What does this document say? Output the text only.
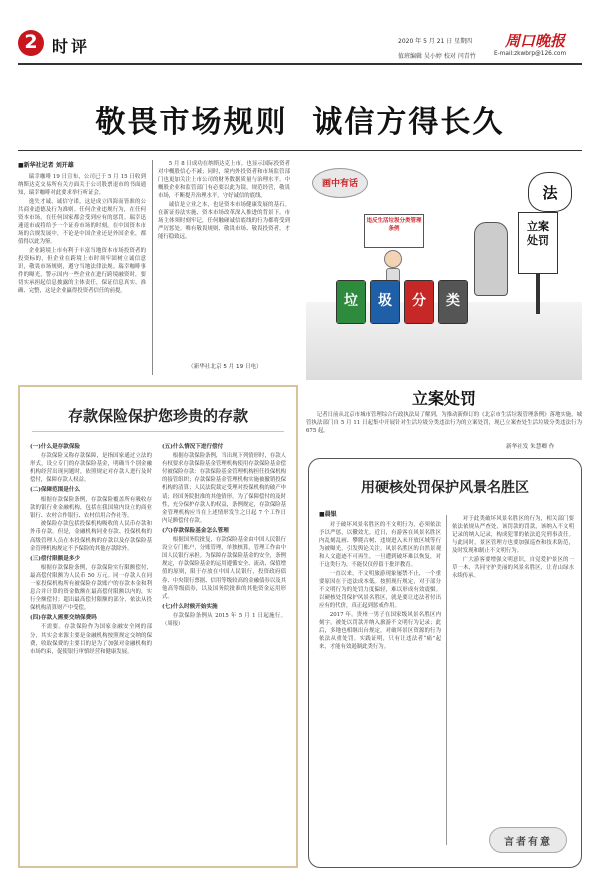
2 时评	2020 年 5 月 21 日 星期四
值班编辑 吴小婷 校对 闫青竹
周口晚报
E-mail:zkwbrp@126.com
敬畏市场规则  诚信方得长久
■新华社记者 刘开雄

瑞幸咖啡 19 日宣布，公司已于 5 月 15 日收到纳斯达克交易所有关方面关于公司股票退市的书面通知，瑞幸咖啡对此要求举行听证会。

逸失才诚、诚信守诺，这是成立四海而皆准的公共商业道德及行为准则。任何企业违规行为，在任何资本市场，在任何国家都会受到应有的惩罚。瑞幸迅速退市或将给予一个证券市场的时刻，在中国资本市场的合规发展中，不论是中国企业还是外国企业，都值得以此为鉴。

企业跨境上市有利于丰富当地资本市场投资者的投资标的，但企业在跨境上市时须牢固树立诚信意识，敬畏市场规则，遵守当地法律法规。瑞幸咖啡事件的曝光，警示国内一些企业在进行跨境融资时，要切实承担起信息披露的主体责任，保证信息真实、准确、完整，这是企业赢得投资者信任的前提。

5 月 8 日成功在纳斯达克上市，也显示国际投资者对中概股信心不减；同时，境内外投资者和市场监管部门也更加关注上市公司的财务数据质量与治理水平。中概股企业和监管部门有必要以此为镜，规范经营，敬畏市场，不断提升治理水平，守好诚信的底线。

诚信是立业之本，也是资本市场健康发展的基石。在新证券法实施、资本市场改革深入推进的背景下，市场主体须时刻牢记，任何触碰诚信底线的行为都将受到严厉惩处。唯有敬畏规则、敬畏市场、敬畏投资者，才能行稳致远。

（新华社北京 5 月 19 日电）
画中有话
违反生活垃圾分类管理条例
垃	圾	分	类
立案处罚
法
立案处罚
记者日前从北京市城市管理综合行政执法局了解到，为推动新修订的《北京市生活垃圾管理条例》落地实施，城管执法部门自 5 月 11 日起集中开展针对生活垃圾分类违法行为的立案处罚，现已立案查处生活垃圾分类违法行为 675 起。
新华社发 朱慧卿 作
存款保险保护您珍贵的存款
(一)什么是存款保险

存款保险又称存款保障，是指国家通过立法的形式，设立专门的存款保险基金，明确当个别金融机构经营出现问题时，依照规定对存款人进行及时偿付，保障存款人权益。

(二)保障范围是什么

根据存款保险条例，存款保险覆盖所有吸收存款的银行业金融机构，包括在我国境内设立的商业银行、农村合作银行、农村信用合作社等。

被保险存款包括投保机构吸收的人民币存款和外币存款。但是，金融机构同业存款、投保机构的高级管理人员在本投保机构的存款以及存款保险基金管理机构规定不予保险的其他存款除外。

(三)偿付限额是多少

根据存款保险条例，存款保险实行限额偿付，最高偿付限额为人民币 50 万元。同一存款人在同一家投保机构所有被保险存款账户的存款本金和利息合并计算的资金数额在最高偿付限额以内的，实行全额偿付；超出最高偿付限额的部分，依法从投保机构清算财产中受偿。

(四)存款人需要交纳保费吗

不需要。存款保险作为国家金融安全网的部分，其实会来源主要是金融机构按照规定交纳的保费，收取保费的主要目的是为了加强对金融机构的市场约束，促使银行审慎经营和健康发展。

(五)什么情况下进行偿付

根据存款保险条例，当出现下列情形时，存款人有权要求存款保险基金管理机构使用存款保险基金偿付被保险存款：存款保险基金管理机构担任投保机构的接管组织；存款保险基金管理机构实施被撤销投保机构的清算；人民法院裁定受理对投保机构的破产申请；经国务院批准的其他情形。为了保障偿付的及时性，充分保护存款人的权益，条例规定，存款保险基金管理机构应当在上述情形发生之日起 7 个工作日内足额偿付存款。

(六)存款保险基金怎么管理

根据国务院批复，存款保险基金由中国人民银行设立专门账户，分账管理，单独核算，管理工作由中国人民银行承担。为保障存款保险基金的安全，条例规定，存款保险基金的运用遵循安全、流动、保值增值的原则，限于存放在中国人民银行，投资政府债券、中央银行票据、信用等级较高的金融债券以及其他高等级债券，以及国务院批准的其他资金运用形式。

(七)什么时候开始实施

存款保险条例从 2015 年 5 月 1 日起施行。（周报）

用硬核处罚保护风景名胜区
■晨银

对于破坏风景名胜区的不文明行为，必须依法予以严惩，以儆效尤。近日，有游客在风景名胜区内乱刻乱画、攀爬古树、违规进入未开放区域等行为被曝光，引发舆论关注。风景名胜区的自然景观和人文遗迹不可再生，一旦遭到破坏难以恢复，对于这类行为，不能仅仅停留于批评教育。

一直以来，不文明旅游现象屡禁不止，一个重要原因在于违法成本低。按照现行规定，对于部分不文明行为的处罚力度偏轻，难以形成有效震慑。以硬核处罚保护风景名胜区，就是要让违法者付出应有的代价，真正起到惩戒作用。

2017 年，贵州一男子在国家级风景名胜区内刻字，被处以罚款并纳入旅游不文明行为记录；此后，多地也相继出台规定，对破坏景区资源的行为依法从重处罚。实践证明，只有让违法者“痛”起来，才能有效遏制此类行为。

对于此类破坏风景名胜区的行为，相关部门要依法依规从严查处，该罚款的罚款，该纳入不文明记录的纳入记录，构成犯罪的依法追究刑事责任。与此同时，景区管理方也要加强巡查和技术防范，及时发现和制止不文明行为。

广大游客要增强文明意识，自觉爱护景区的一草一木，共同守护美丽的风景名胜区，让青山绿水永续传承。

言者有意
